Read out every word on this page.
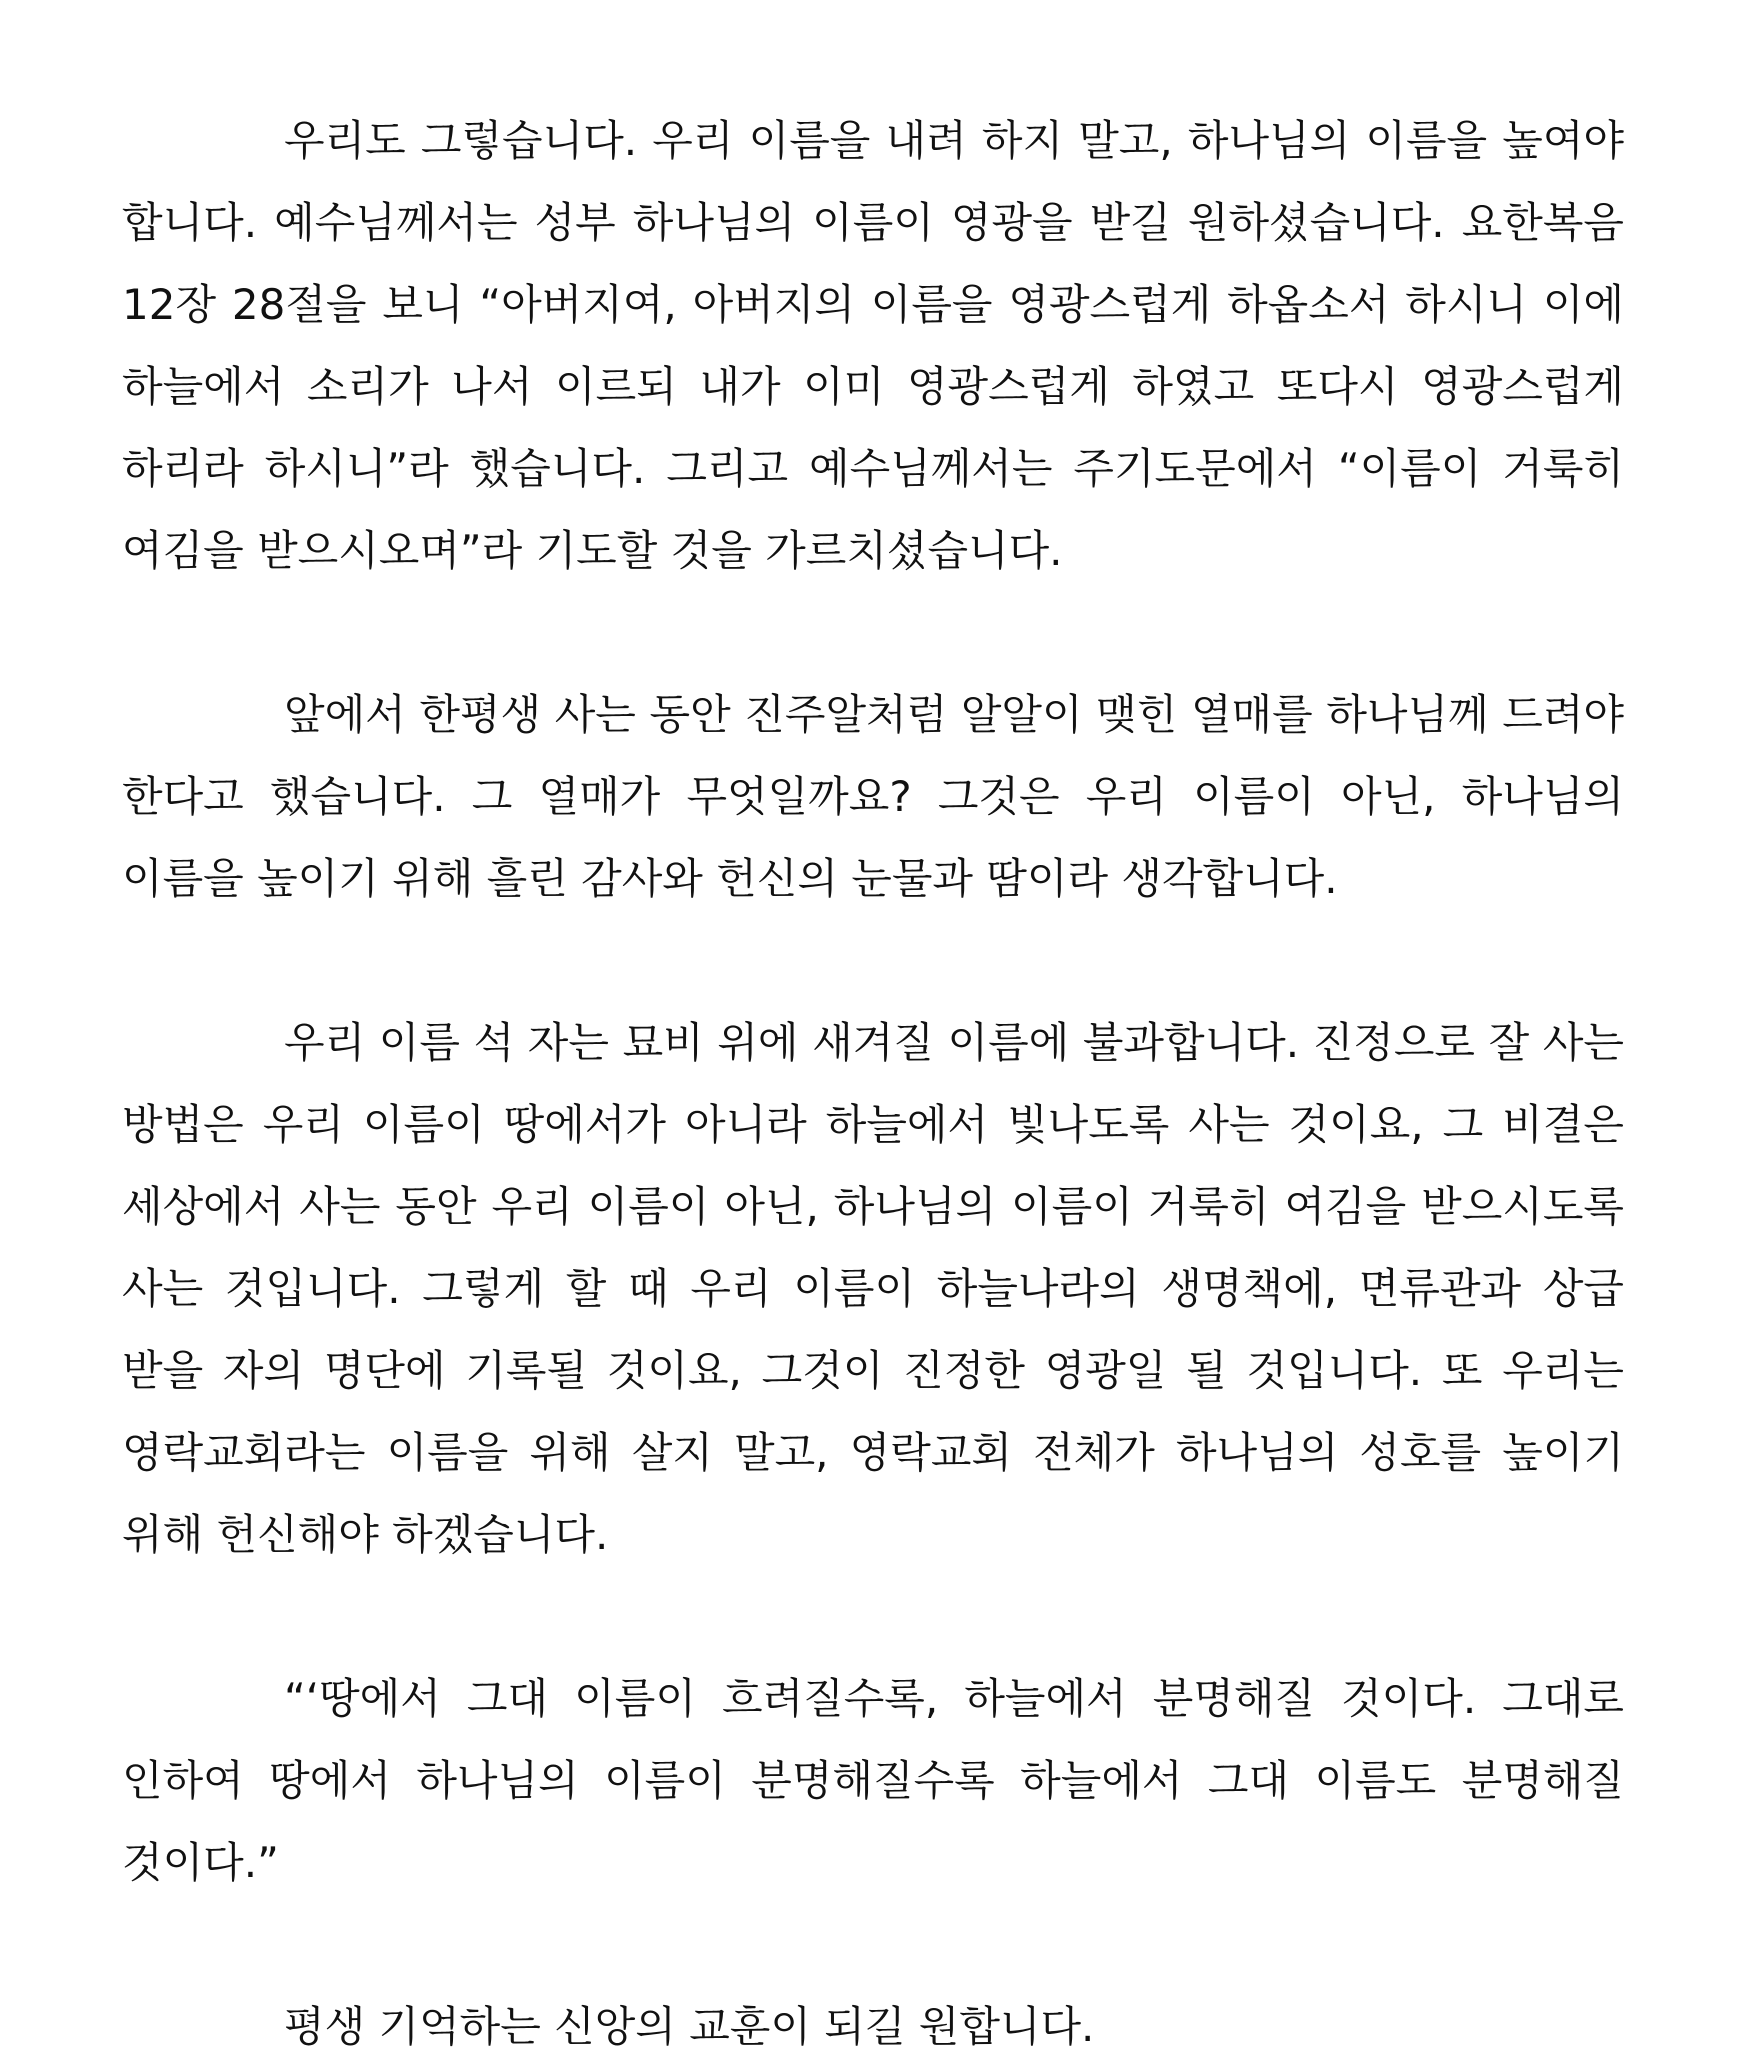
우리도 그렇습니다. 우리 이름을 내려 하지 말고, 하나님의 이름을 높여야 합니다. 예수님께서는 성부 하나님의 이름이 영광을 받길 원하셨습니다. 요한복음 12장 28절을 보니 “아버지여, 아버지의 이름을 영광스럽게 하옵소서 하시니 이에 하늘에서 소리가 나서 이르되 내가 이미 영광스럽게 하였고 또다시 영광스럽게 하리라 하시니”라 했습니다. 그리고 예수님께서는 주기도문에서 “이름이 거룩히 여김을 받으시오며”라 기도할 것을 가르치셨습니다.

앞에서 한평생 사는 동안 진주알처럼 알알이 맺힌 열매를 하나님께 드려야 한다고 했습니다. 그 열매가 무엇일까요? 그것은 우리 이름이 아닌, 하나님의 이름을 높이기 위해 흘린 감사와 헌신의 눈물과 땀이라 생각합니다.

우리 이름 석 자는 묘비 위에 새겨질 이름에 불과합니다. 진정으로 잘 사는 방법은 우리 이름이 땅에서가 아니라 하늘에서 빛나도록 사는 것이요, 그 비결은 세상에서 사는 동안 우리 이름이 아닌, 하나님의 이름이 거룩히 여김을 받으시도록 사는 것입니다. 그렇게 할 때 우리 이름이 하늘나라의 생명책에, 면류관과 상급 받을 자의 명단에 기록될 것이요, 그것이 진정한 영광일 될 것입니다. 또 우리는 영락교회라는 이름을 위해 살지 말고, 영락교회 전체가 하나님의 성호를 높이기 위해 헌신해야 하겠습니다.

“‘땅에서 그대 이름이 흐려질수록, 하늘에서 분명해질 것이다. 그대로 인하여 땅에서 하나님의 이름이 분명해질수록 하늘에서 그대 이름도 분명해질 것이다.”

평생 기억하는 신앙의 교훈이 되길 원합니다.
